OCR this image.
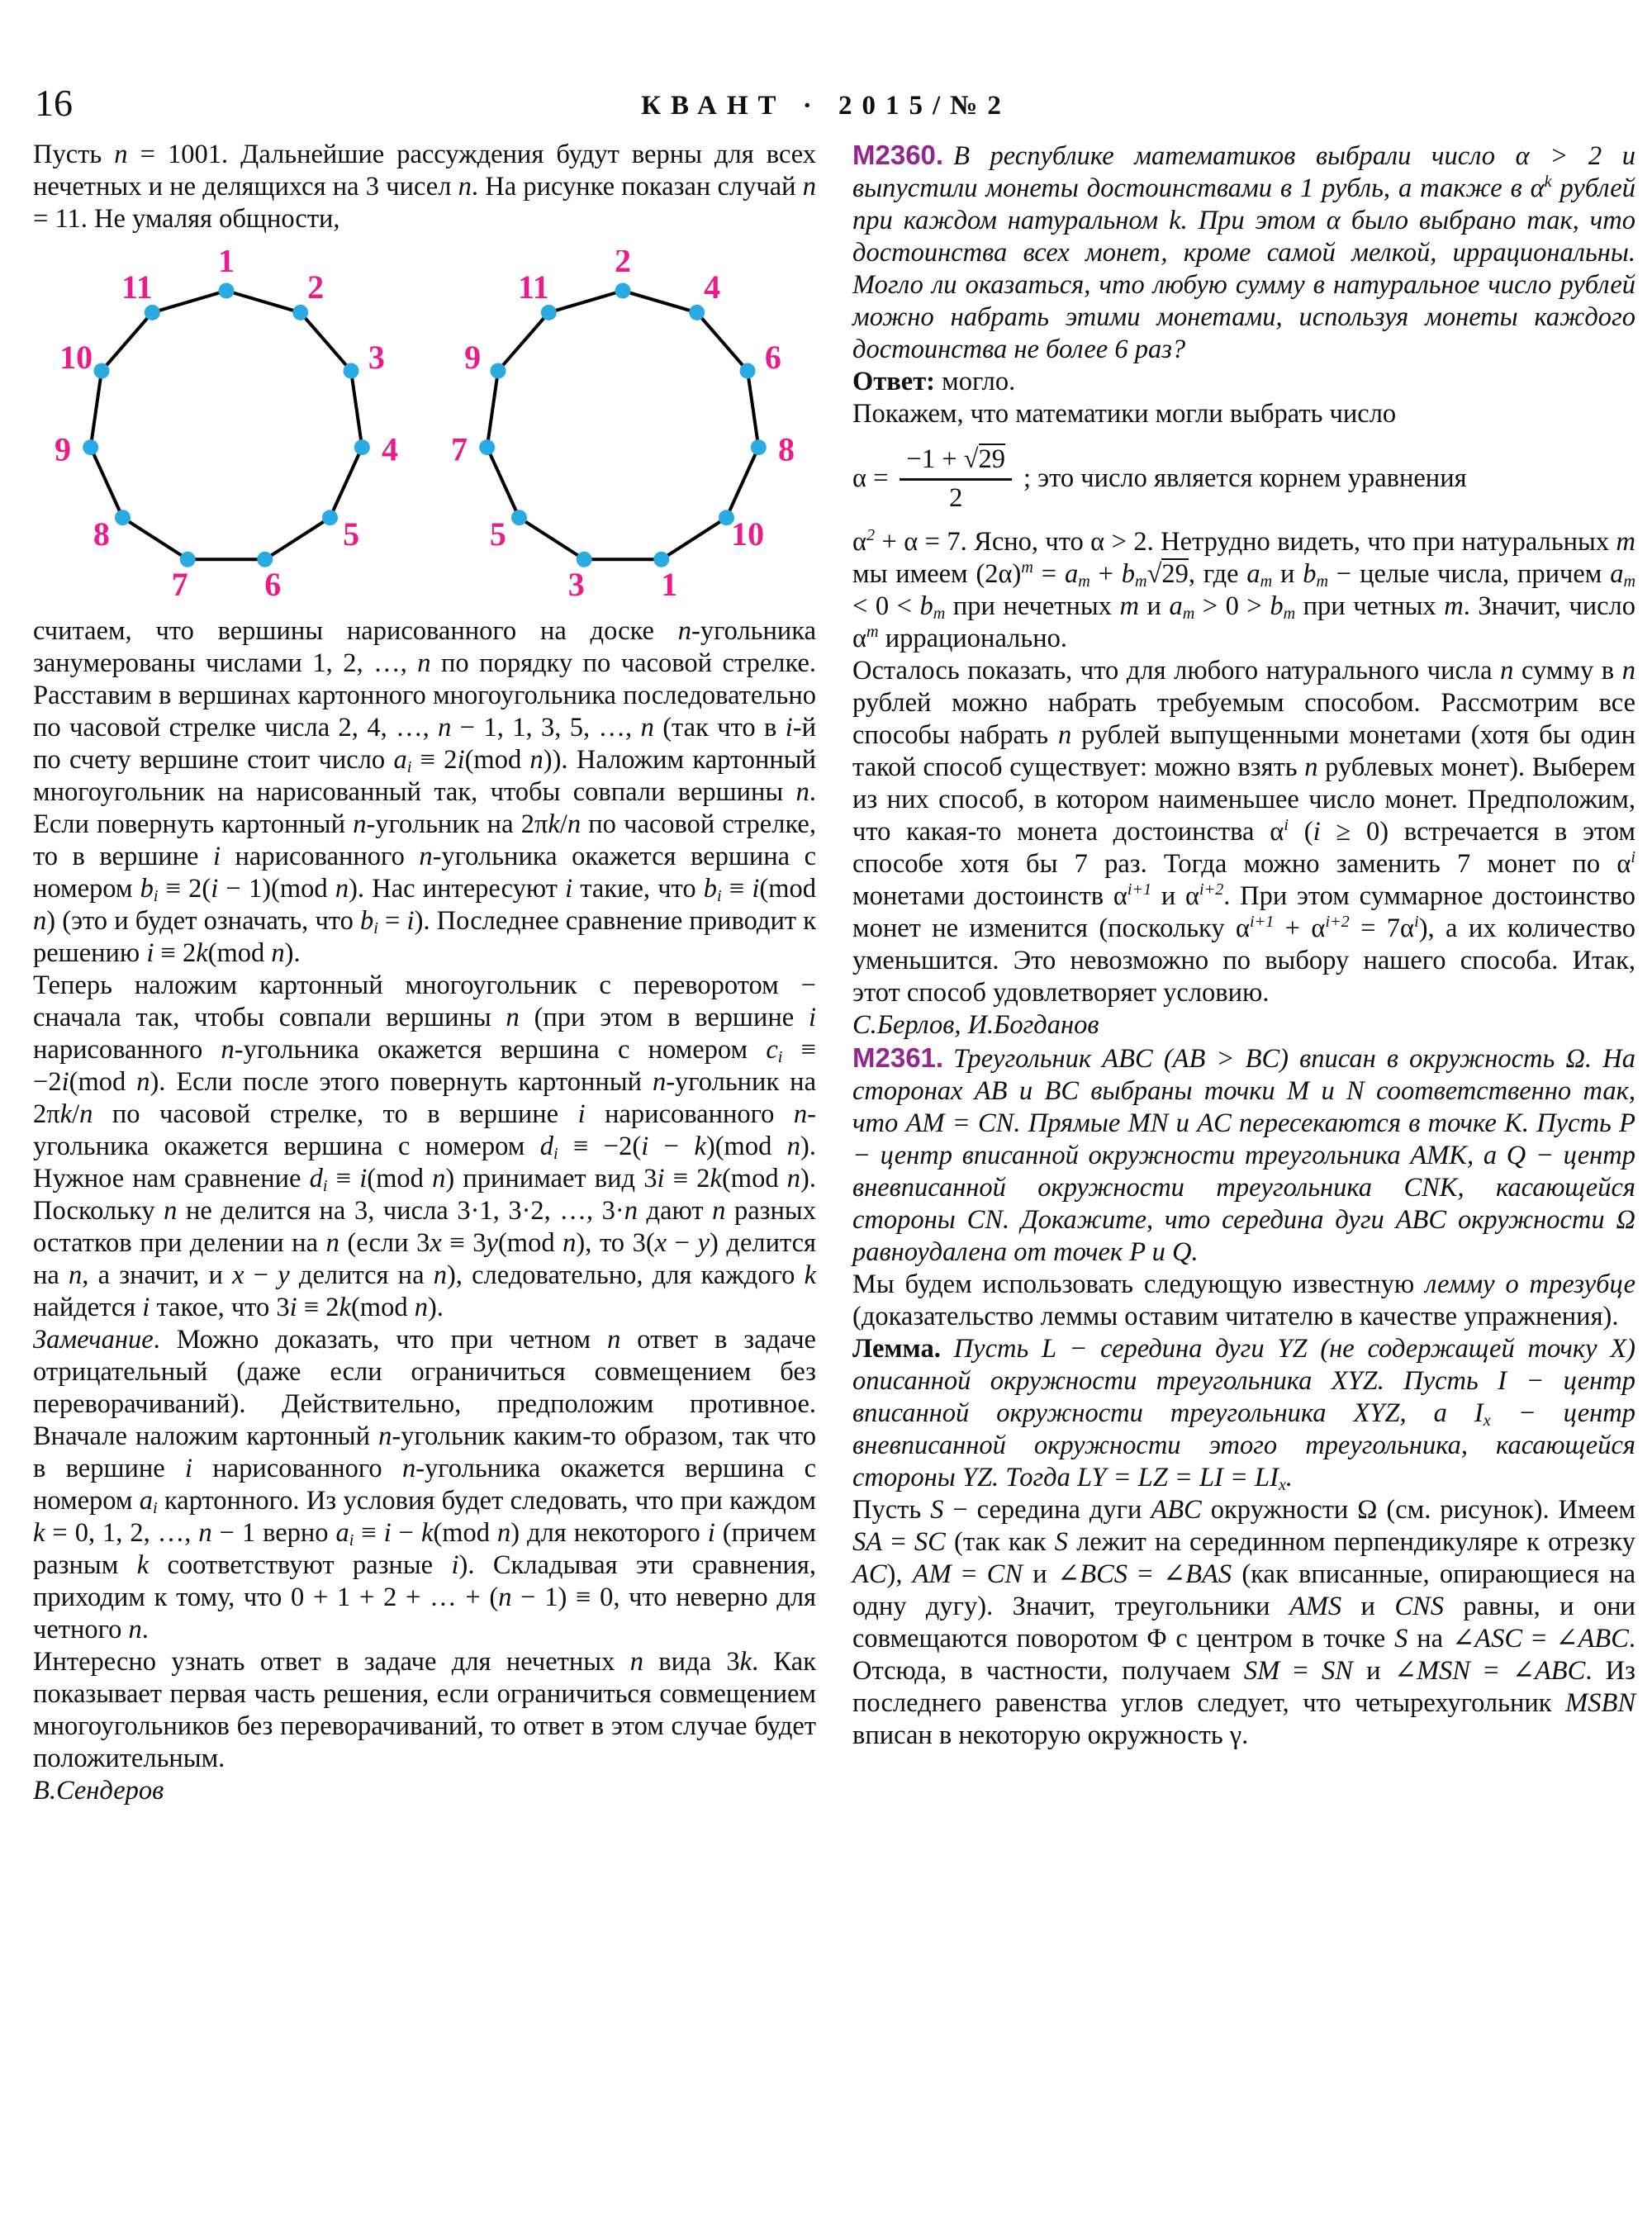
16	КВАНТ · 2015/№2

Пусть n = 1001. Дальнейшие рассуждения будут верны для всех нечетных и не делящихся на 3 чисел n. На рисунке показан случай n = 11. Не умаляя общности,

1
2
3
4
5
6
7
8
9
10
11
2
4
6
8
10
1
3
5
7
9
11

считаем, что вершины нарисованного на доске n-угольника занумерованы числами 1, 2, …, n по порядку по часовой стрелке. Расставим в вершинах картонного многоугольника последовательно по часовой стрелке числа 2, 4, …, n − 1, 1, 3, 5, …, n (так что в i-й по счету вершине стоит число $a_i \equiv 2i(mod$ n)). Наложим картонный многоугольник на нарисованный так, чтобы совпали вершины n. Если повернуть картонный n-угольник на 2πk/n по часовой стрелке, то в вершине i нарисованного n-угольника окажется вершина с номером $b_i \equiv 2(i - 1)(mod$ n). Нас интересуют i такие, что $b_i \equiv i(mod$ n) (это и будет означать, что $b_i = i$). Последнее сравнение приводит к решению i ≡ 2k(mod n).

Теперь наложим картонный многоугольник с переворотом − сначала так, чтобы совпали вершины n (при этом в вершине i нарисованного n-угольника окажется вершина с номером $c_i \equiv -2i(mod$ n). Если после этого повернуть картонный n-угольник на 2πk/n по часовой стрелке, то в вершине i нарисованного n-угольника окажется вершина с номером $d_i \equiv -2(i - k)(mod$ n). Нужное нам сравнение $d_i \equiv i(mod$ n) принимает вид 3i ≡ 2k(mod n). Поскольку n не делится на 3, числа 3·1, 3·2, …, 3·n дают n разных остатков при делении на n (если 3x ≡ 3y(mod n), то 3(x − y) делится на n, а значит, и x − y делится на n), следовательно, для каждого k найдется i такое, что 3i ≡ 2k(mod n).

Замечание. Можно доказать, что при четном n ответ в задаче отрицательный (даже если ограничиться совмещением без переворачиваний). Действительно, предположим противное. Вначале наложим картонный n-угольник каким-то образом, так что в вершине i нарисованного n-угольника окажется вершина с номером $a_i$ картонного. Из условия будет следовать, что при каждом k = 0, 1, 2, …, n − 1 верно $a_i \equiv i - k(mod$ n) для некоторого i (причем разным k соответствуют разные i). Складывая эти сравнения, приходим к тому, что 0 + 1 + 2 + … + (n − 1) ≡ 0, что неверно для четного n.

Интересно узнать ответ в задаче для нечетных n вида 3k. Как показывает первая часть решения, если ограничиться совмещением многоугольников без переворачиваний, то ответ в этом случае будет положительным.

В.Сендеров

М2360. В республике математиков выбрали число α > 2 и выпустили монеты достоинствами в 1 рубль, а также в $\alpha^k$ рублей при каждом натуральном k. При этом α было выбрано так, что достоинства всех монет, кроме самой мелкой, иррациональны. Могло ли оказаться, что любую сумму в натуральное число рублей можно набрать этими монетами, используя монеты каждого достоинства не более 6 раз?

Ответ: могло.

Покажем, что математики могли выбрать число

$\alpha = \frac{-1 + √ 29}{2}$ ; это число является корнем уравнения

$\alpha^2 + \alpha = 7$. Ясно, что α > 2. Нетрудно видеть, что при натуральных m мы имеем $(2\alpha)^m = a_m + b_m$ √ 29, где $a_m$ и $b_m$ − целые числа, причем $a_m < 0 < b_m$ при нечетных m и $a_m > 0 > b_m$ при четных m. Значит, число $\alpha^m$ иррационально.

Осталось показать, что для любого натурального числа n сумму в n рублей можно набрать требуемым способом. Рассмотрим все способы набрать n рублей выпущенными монетами (хотя бы один такой способ существует: можно взять n рублевых монет). Выберем из них способ, в котором наименьшее число монет. Предположим, что какая-то монета достоинства $\alpha^i$ (i ≥ 0) встречается в этом способе хотя бы 7 раз. Тогда можно заменить 7 монет по $\alpha^i$ монетами достоинств $\alpha^{i+1}$ и $\alpha^{i+2}$. При этом суммарное достоинство монет не изменится (поскольку $\alpha^{i+1} + \alpha^{i+2} = 7\alpha^i$), а их количество уменьшится. Это невозможно по выбору нашего способа. Итак, этот способ удовлетворяет условию.

С.Берлов, И.Богданов

М2361. Треугольник ABC (AB > BC) вписан в окружность Ω. На сторонах AB и BC выбраны точки M и N соответственно так, что AM = CN. Прямые MN и AC пересекаются в точке K. Пусть P − центр вписанной окружности треугольника AMK, а Q − центр вневписанной окружности треугольника CNK, касающейся стороны CN. Докажите, что середина дуги ABC окружности Ω равноудалена от точек P и Q.

Мы будем использовать следующую известную лемму о трезубце (доказательство леммы оставим читателю в качестве упражнения).

Лемма. Пусть L − середина дуги YZ (не содержащей точку X) описанной окружности треугольника XYZ. Пусть I − центр вписанной окружности треугольника XYZ, а $I_x$ − центр вневписанной окружности этого треугольника, касающейся стороны YZ. Тогда LY = LZ = LI = $LI_x$.

Пусть S − середина дуги ABC окружности Ω (см. рисунок). Имеем SA = SC (так как S лежит на серединном перпендикуляре к отрезку AC), AM = CN и ∠BCS = ∠BAS (как вписанные, опирающиеся на одну дугу). Значит, треугольники AMS и CNS равны, и они совмещаются поворотом Φ с центром в точке S на ∠ASC = ∠ABC. Отсюда, в частности, получаем SM = SN и ∠MSN = ∠ABC. Из последнего равенства углов следует, что четырехугольник MSBN вписан в некоторую окружность γ.
